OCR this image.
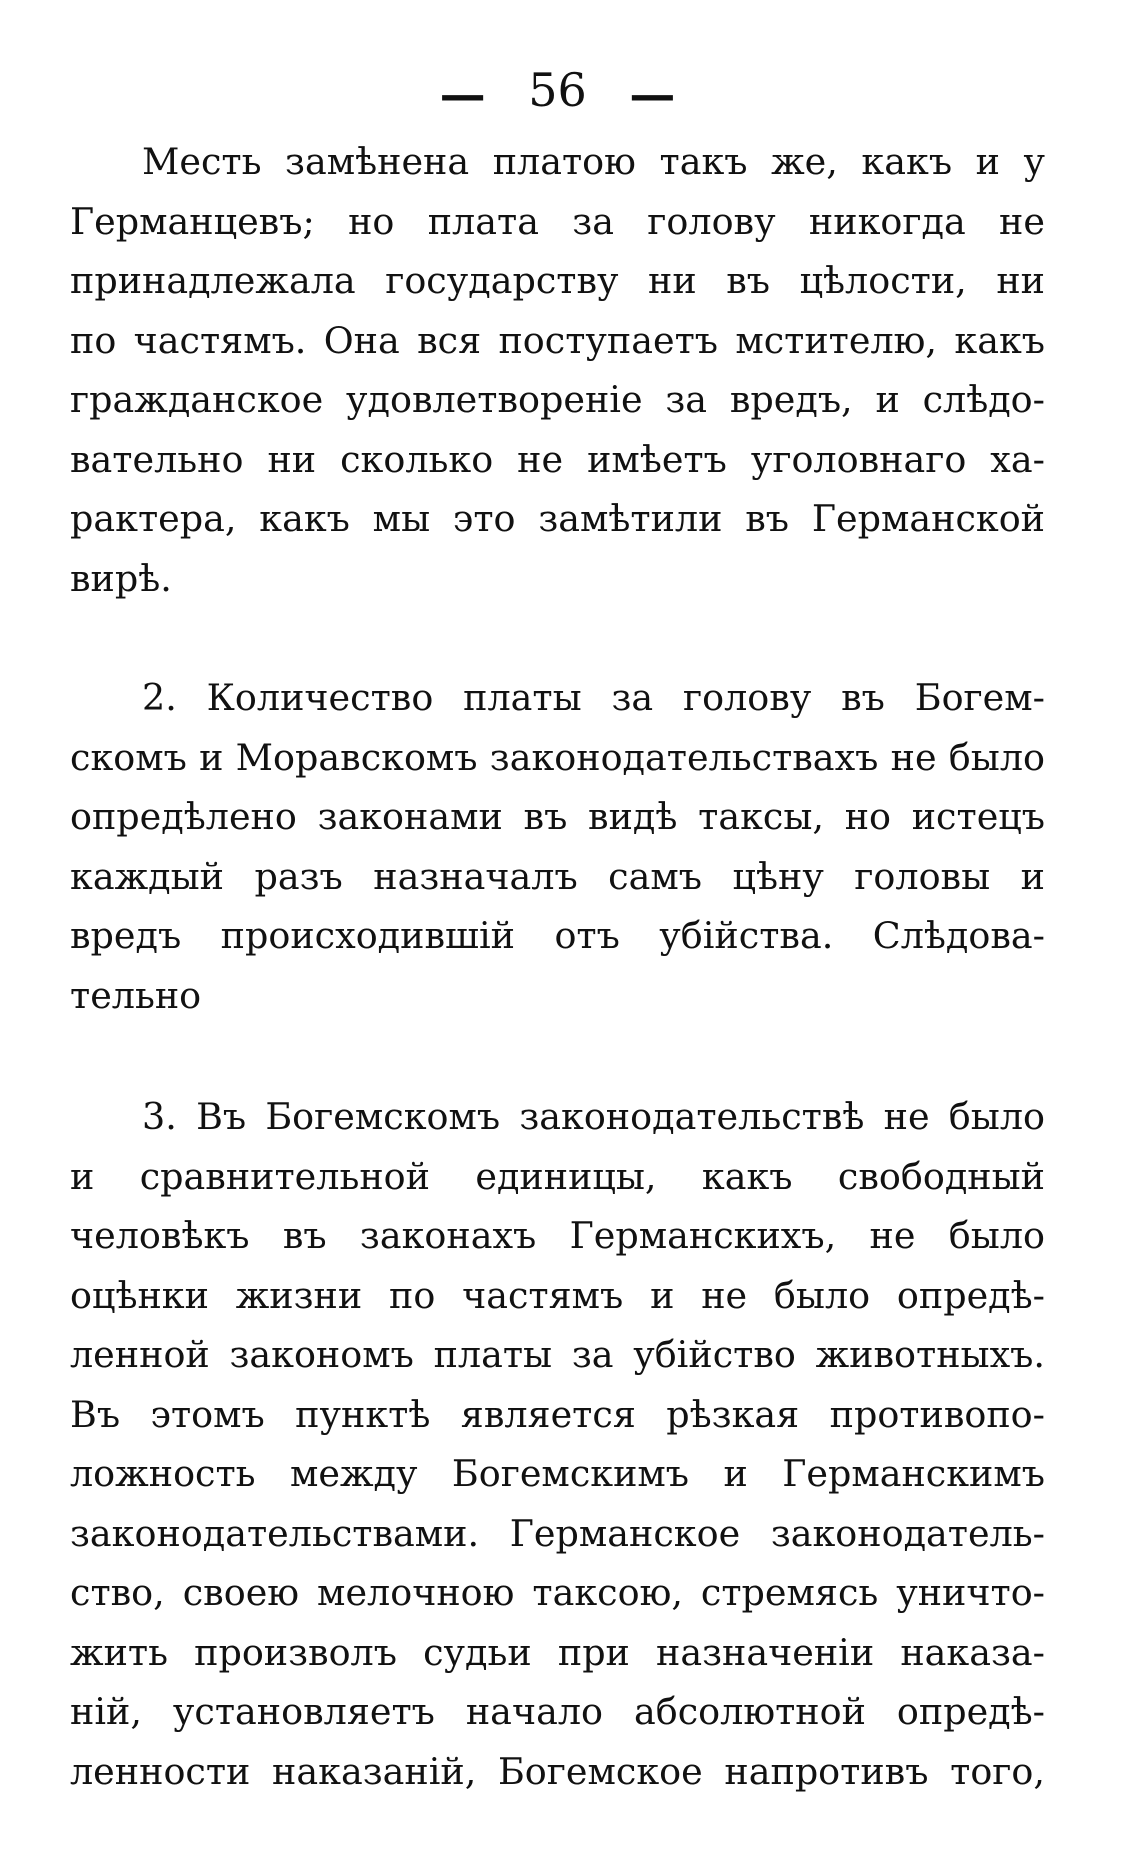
— 56 —
Месть замѣнена платою такъ же, какъ и у
Германцевъ; но плата за голову никогда не
принадлежала государству ни въ цѣлости, ни
по частямъ. Она вся поступаетъ мстителю, какъ
гражданское удовлетвореніе за вредъ, и слѣдо-
вательно ни сколько не имѣетъ уголовнаго ха-
рактера, какъ мы это замѣтили въ Германской
вирѣ.
2. Количество платы за голову въ Богем-
скомъ и Моравскомъ законодательствахъ не было
опредѣлено законами въ видѣ таксы, но истецъ
каждый разъ назначалъ самъ цѣну головы и
вредъ происходившій отъ убійства. Слѣдова-
тельно
3. Въ Богемскомъ законодательствѣ не было
и сравнительной единицы, какъ свободный
человѣкъ въ законахъ Германскихъ, не было
оцѣнки жизни по частямъ и не было опредѣ-
ленной закономъ платы за убійство животныхъ.
Въ этомъ пунктѣ является рѣзкая противопо-
ложность между Богемскимъ и Германскимъ
законодательствами. Германское законодатель-
ство, своею мелочною таксою, стремясь уничто-
жить произволъ судьи при назначеніи наказа-
ній, установляетъ начало абсолютной опредѣ-
ленности наказаній, Богемское напротивъ того,
